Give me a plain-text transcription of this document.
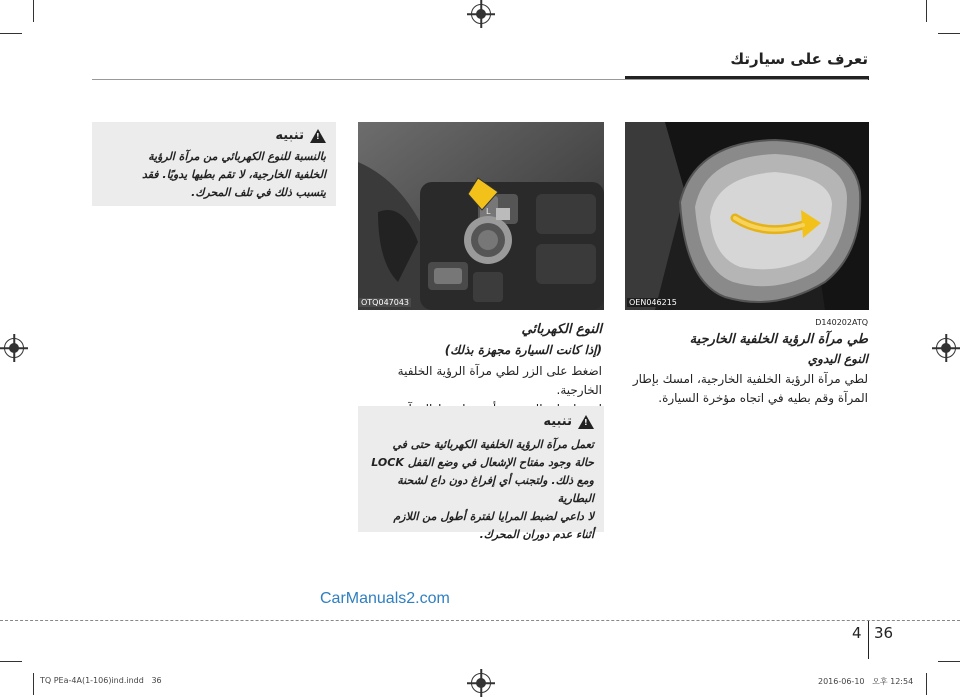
تعرف على سيارتك
OEN046215
D140202ATQ
طي مرآة الرؤية الخلفية الخارجية
النوع اليدوي
لطي مرآة الرؤية الخلفية الخارجية، امسك بإطار
المرآة وقم بطيه في اتجاه مؤخرة السيارة.
L
OTQ047043
النوع الكهربائي
(إذا كانت السيارة مجهزة بذلك)
اضغط على الزر لطي مرآة الرؤية الخلفية الخارجية.
!
تنبيه
تعمل مرآة الرؤية الخلفية الكهربائية حتى في
حالة وجود مفتاح الإشعال في وضع القفل LOCK
ومع ذلك. ولتجنب أي إفراغ دون داع لشحنة البطارية
لا داعي لضبط المرايا لفترة أطول من اللازم
أثناء عدم دوران المحرك.
!
تنبيه
بالنسبة للنوع الكهربائي من مرآة الرؤية
الخلفية الخارجية، لا تقم بطيها يدويًا. فقد
يتسبب ذلك في تلف المحرك.
CarManuals2.com
4 36
TQ PEa-4A(1-106)ind.indd   36	2016-06-10   오후 12:54
